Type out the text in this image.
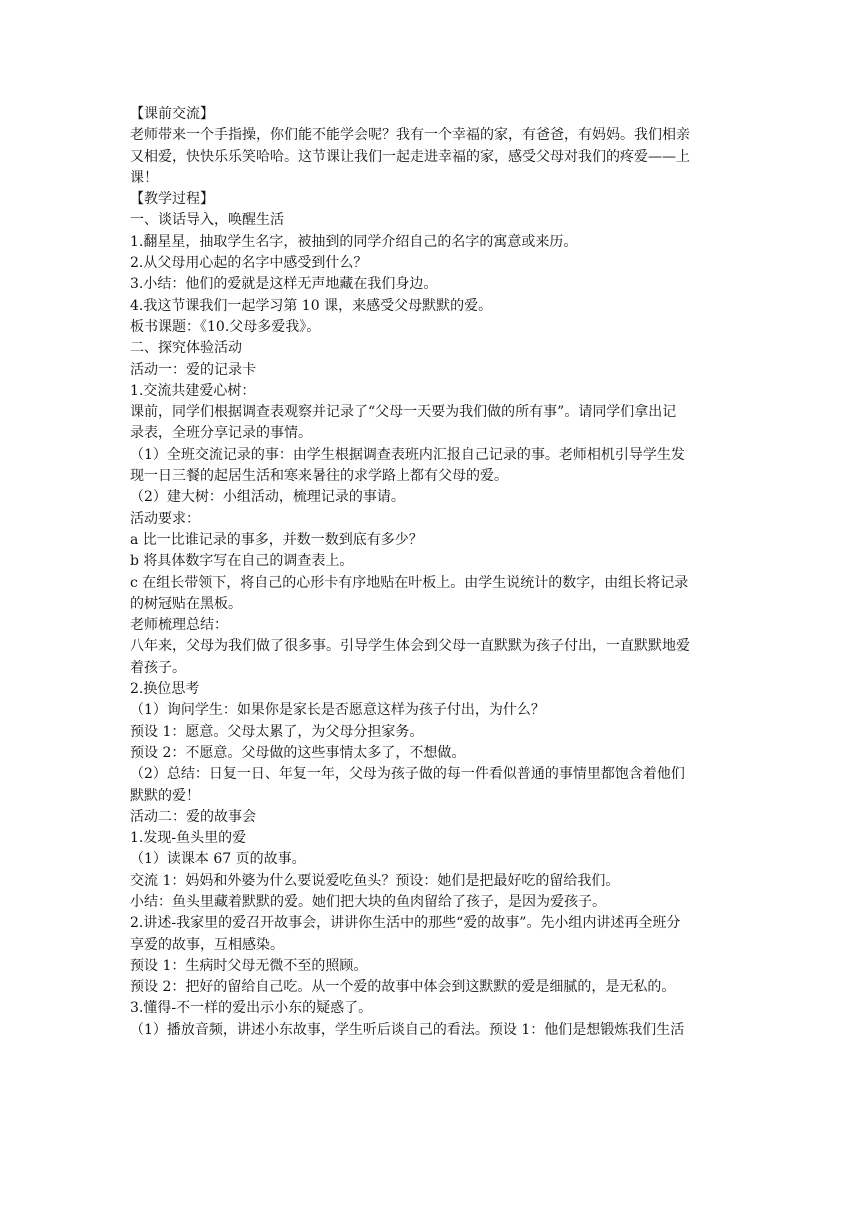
【课前交流】

老师带来一个手指操，你们能不能学会呢？我有一个幸福的家，有爸爸，有妈妈。我们相亲

又相爱，快快乐乐笑哈哈。这节课让我们一起走进幸福的家，感受父母对我们的疼爱——上

课！

【教学过程】

一、谈话导入，唤醒生活

1.翻星星，抽取学生名字，被抽到的同学介绍自己的名字的寓意或来历。

2.从父母用心起的名字中感受到什么？

3.小结：他们的爱就是这样无声地藏在我们身边。

4.我这节课我们一起学习第 10 课，来感受父母默默的爱。

板书课题：《10.父母多爱我》。

二、探究体验活动

活动一：爱的记录卡

1.交流共建爱心树：

课前，同学们根据调查表观察并记录了“父母一天要为我们做的所有事”。请同学们拿出记

录表，全班分享记录的事情。

（1）全班交流记录的事：由学生根据调查表班内汇报自己记录的事。老师相机引导学生发

现一日三餐的起居生活和寒来暑往的求学路上都有父母的爱。

（2）建大树：小组活动，梳理记录的事请。

活动要求：

a 比一比谁记录的事多，并数一数到底有多少？

b 将具体数字写在自己的调查表上。

c 在组长带领下，将自己的心形卡有序地贴在叶板上。由学生说统计的数字，由组长将记录

的树冠贴在黑板。

老师梳理总结：

八年来，父母为我们做了很多事。引导学生体会到父母一直默默为孩子付出，一直默默地爱

着孩子。

2.换位思考

（1）询问学生：如果你是家长是否愿意这样为孩子付出，为什么？

预设 1：愿意。父母太累了，为父母分担家务。

预设 2：不愿意。父母做的这些事情太多了，不想做。

（2）总结：日复一日、年复一年，父母为孩子做的每一件看似普通的事情里都饱含着他们

默默的爱！

活动二：爱的故事会

1.发现-鱼头里的爱

（1）读课本 67 页的故事。

交流 1：妈妈和外婆为什么要说爱吃鱼头？预设：她们是把最好吃的留给我们。

小结：鱼头里藏着默默的爱。她们把大块的鱼肉留给了孩子，是因为爱孩子。

2.讲述-我家里的爱召开故事会，讲讲你生活中的那些“爱的故事”。先小组内讲述再全班分

享爱的故事，互相感染。

预设 1：生病时父母无微不至的照顾。

预设 2：把好的留给自己吃。从一个爱的故事中体会到这默默的爱是细腻的，是无私的。

3.懂得-不一样的爱出示小东的疑惑了。

（1）播放音频，讲述小东故事，学生听后谈自己的看法。预设 1：他们是想锻炼我们生活
